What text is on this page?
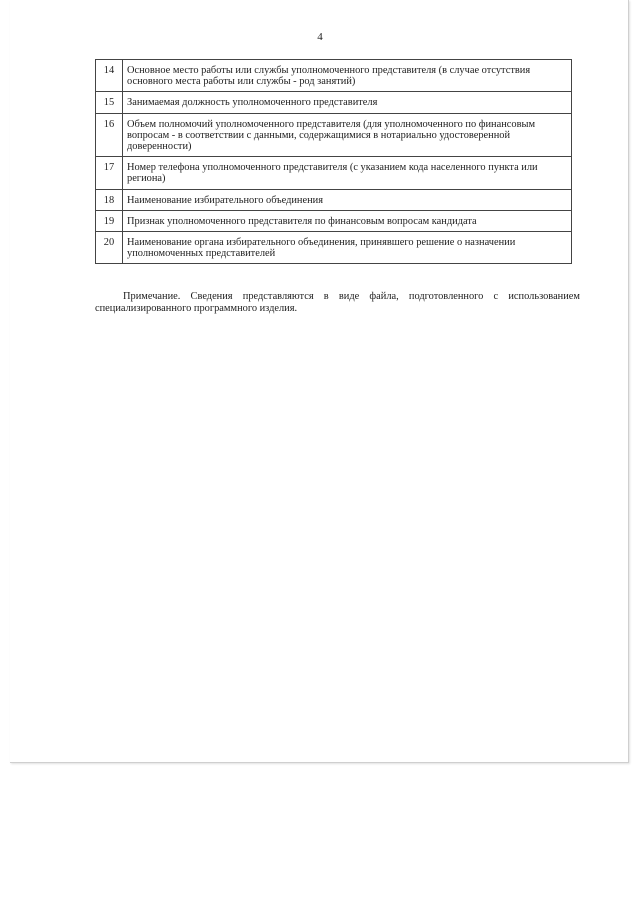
4
14	Основное место работы или службы уполномоченного представителя (в случае отсутствия основного места работы или службы - род занятий)
15	Занимаемая должность уполномоченного представителя
16	Объем полномочий уполномоченного представителя (для уполномоченного по финансовым вопросам - в соответствии с данными, содержащимися в нотариально удостоверенной доверенности)
17	Номер телефона уполномоченного представителя (с указанием кода населенного пункта или региона)
18	Наименование избирательного объединения
19	Признак уполномоченного представителя по финансовым вопросам кандидата
20	Наименование органа избирательного объединения, принявшего решение о назначении уполномоченных представителей
Примечание. Сведения представляются в виде файла, подготовленного с использованием специализированного программного изделия.
